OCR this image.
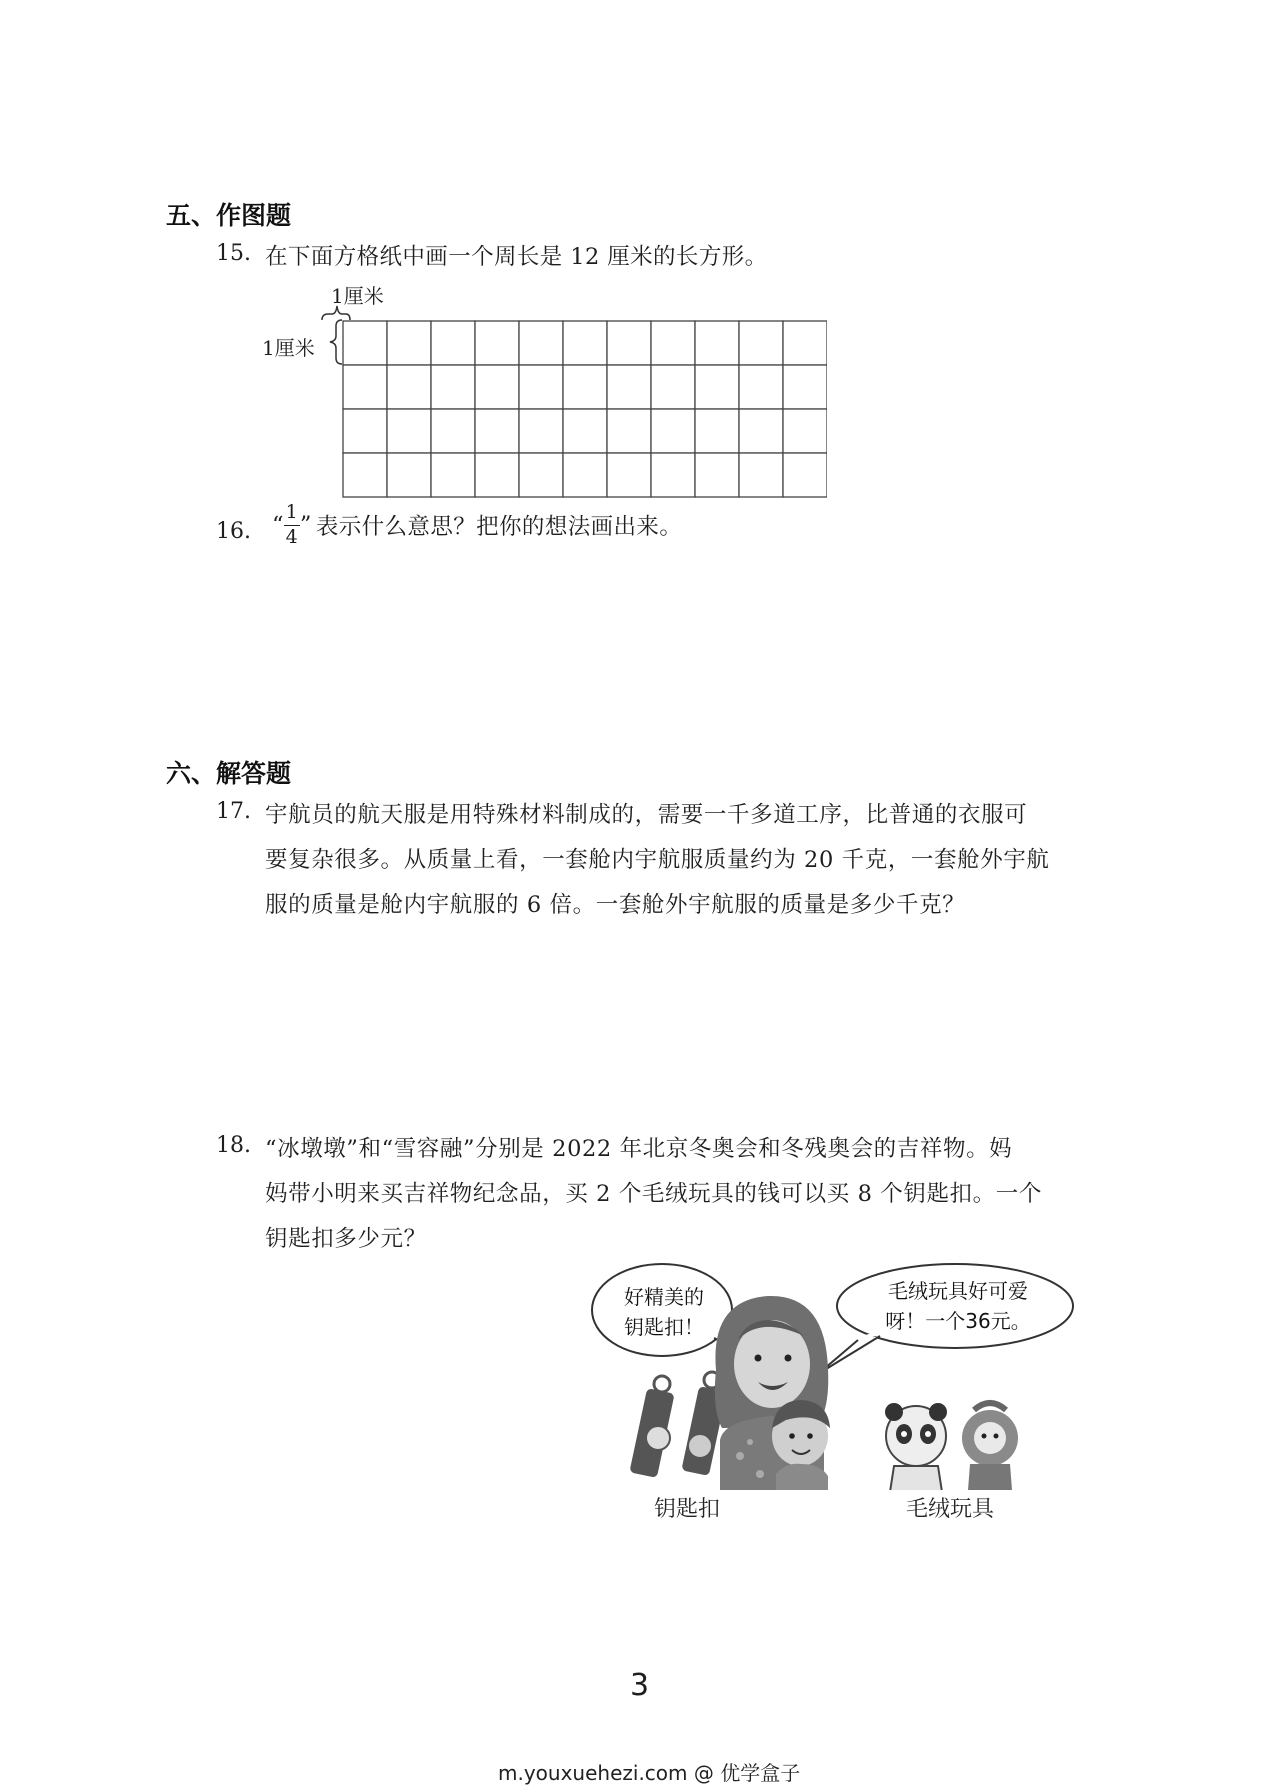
五、作图题
15. 在下面方格纸中画一个周长是 12 厘米的长方形。
1厘米
1厘米
16. “ $\frac{1}{4}$ ” 表示什么意思？把你的想法画出来。
六、解答题
17. 宇航员的航天服是用特殊材料制成的，需要一千多道工序，比普通的衣服可
要复杂很多。从质量上看，一套舱内宇航服质量约为 20 千克，一套舱外宇航
服的质量是舱内宇航服的 6 倍。一套舱外宇航服的质量是多少千克？
18. “冰墩墩”和“雪容融”分别是 2022 年北京冬奥会和冬残奥会的吉祥物。妈
妈带小明来买吉祥物纪念品，买 2 个毛绒玩具的钱可以买 8 个钥匙扣。一个
钥匙扣多少元？
好精美的
钥匙扣！
毛绒玩具好可爱
呀！一个36元。
钥匙扣	毛绒玩具
3
m.youxuehezi.com @ 优学盒子
